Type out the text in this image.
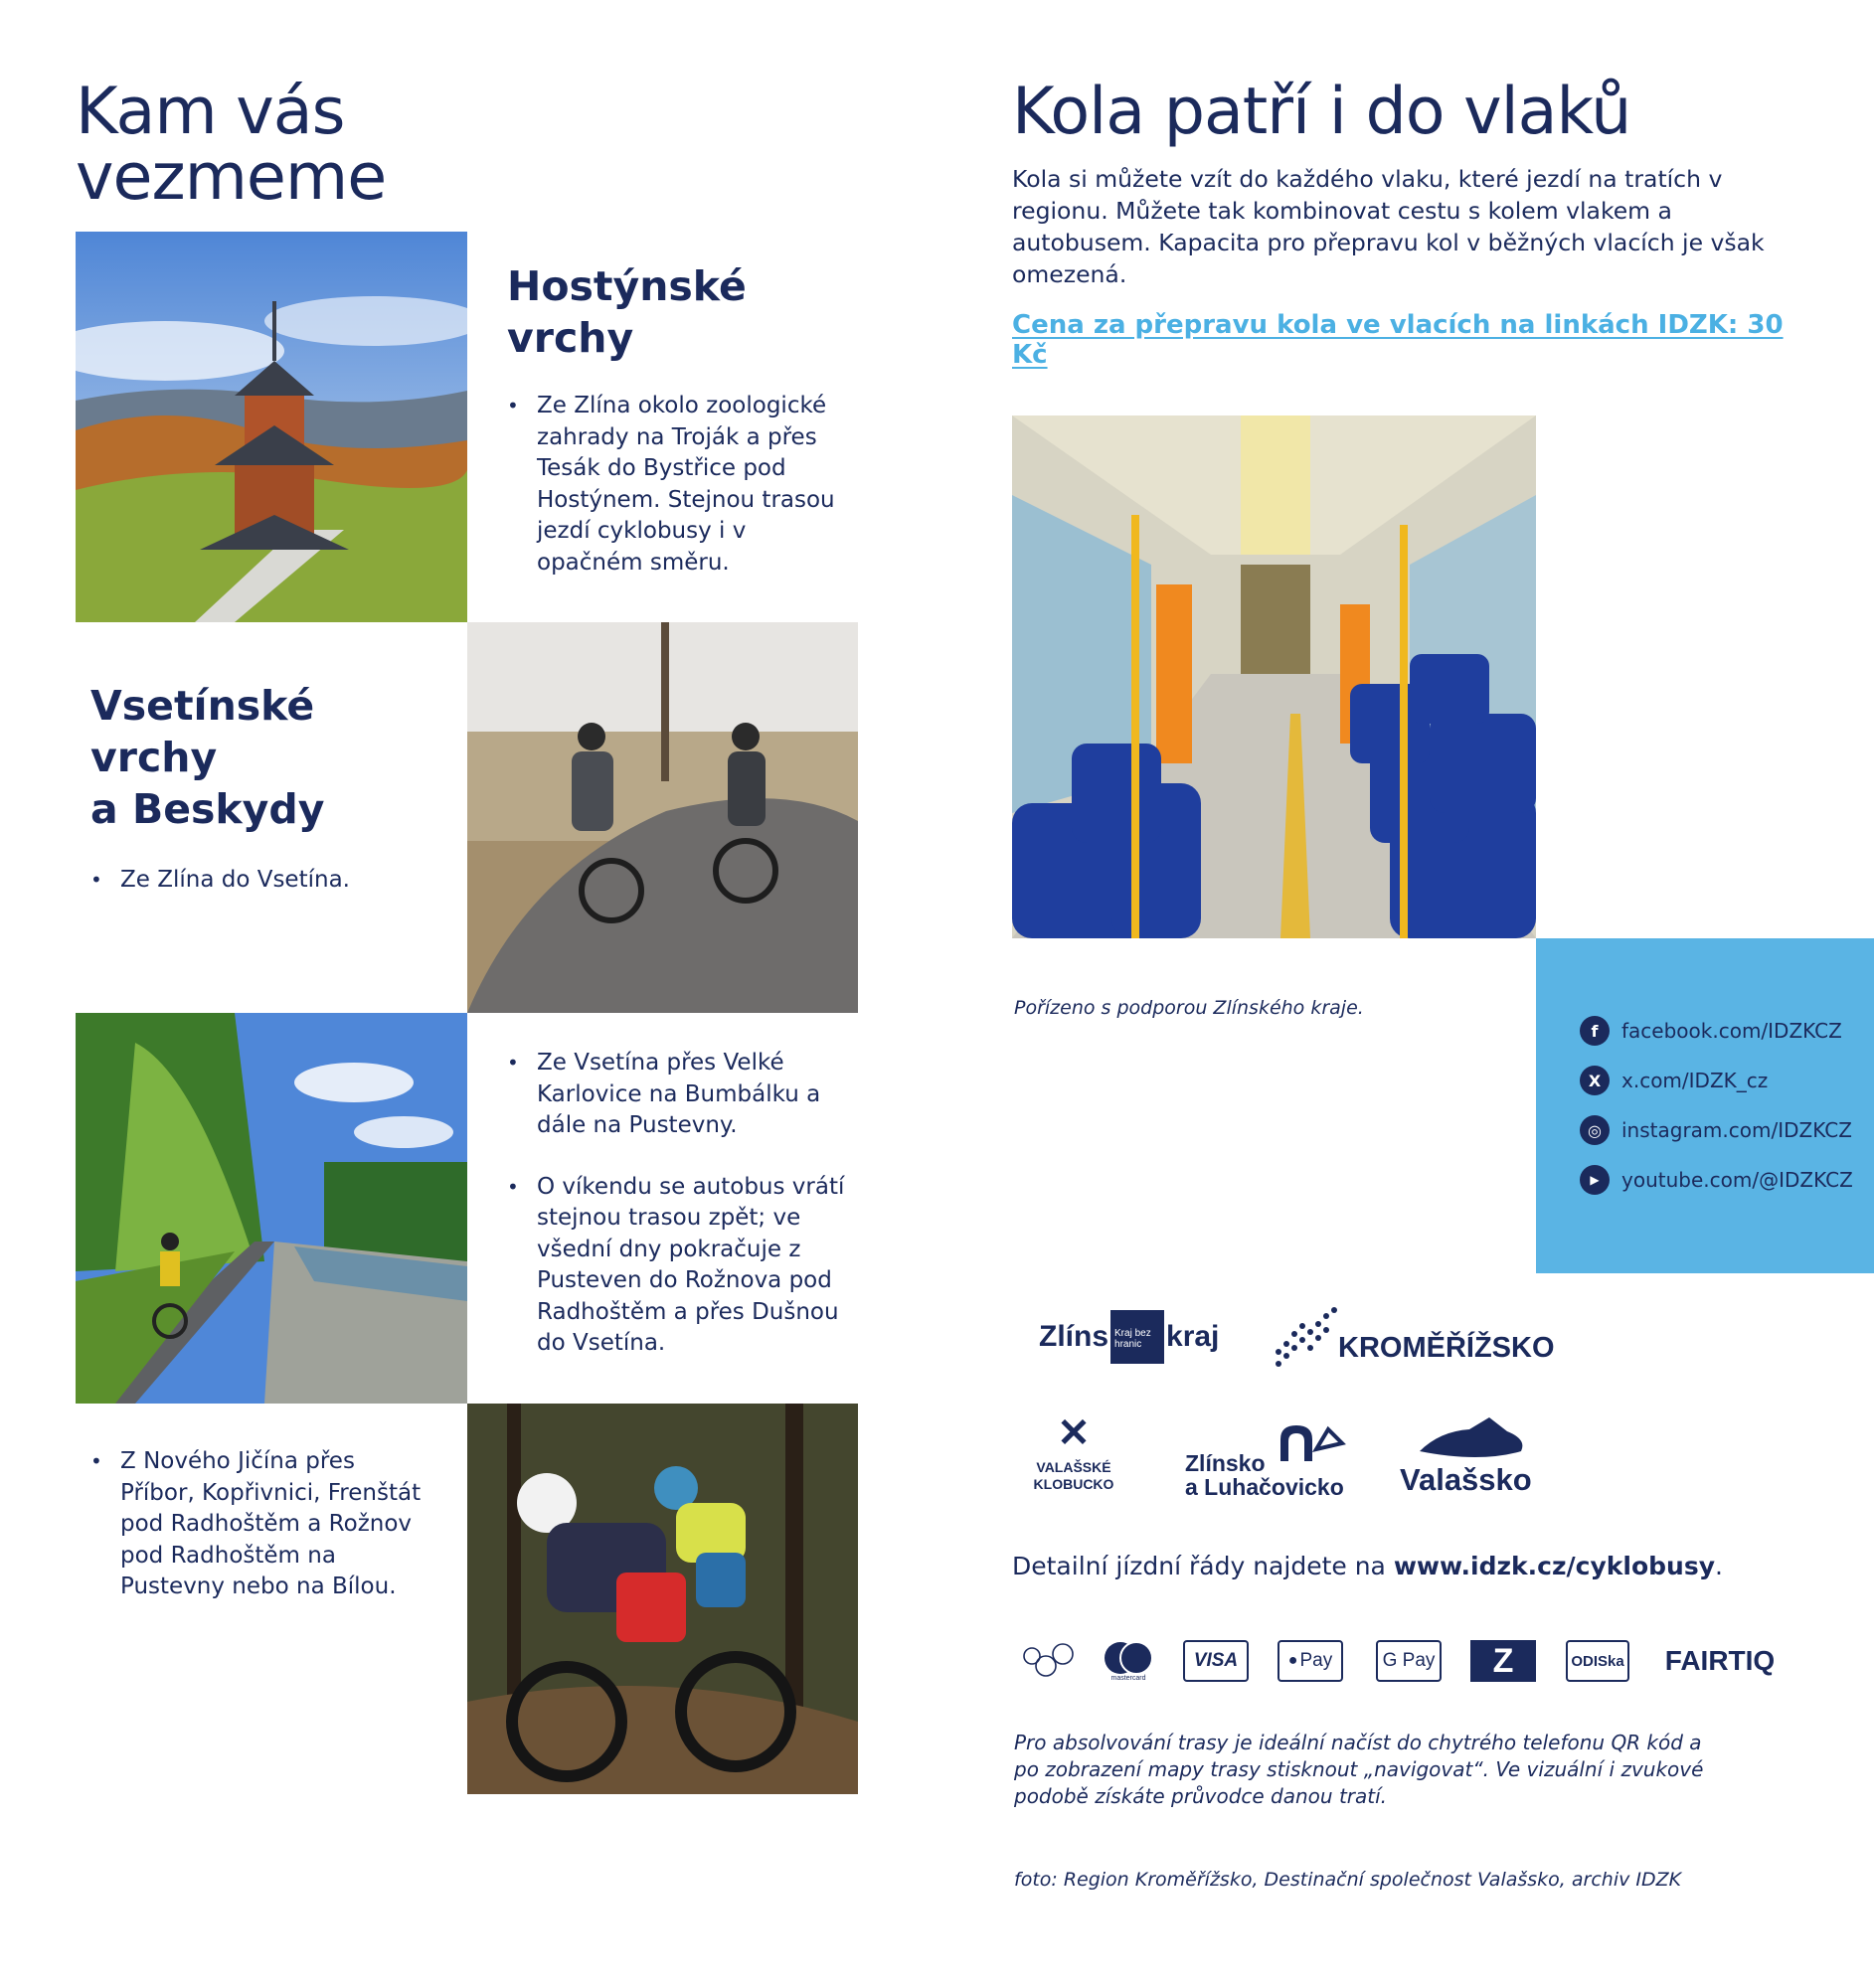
Kam vás
vezmeme
Hostýnské
vrchy
• Ze Zlína okolo zoologické zahrady na Troják a přes Tesák do Bystřice pod Hostýnem. Stejnou trasou jezdí cyklobusy i v opačném směru.
Vsetínské
vrchy
a Beskydy
• Ze Zlína do Vsetína.
• Ze Vsetína přes Velké Karlovice na Bumbálku a dále na Pustevny.
• O víkendu se autobus vrátí stejnou trasou zpět; ve všední dny pokračuje z Pusteven do Rožnova pod Radhoštěm a přes Dušnou do Vsetína.
• Z Nového Jičína přes Příbor, Kopřivnici, Frenštát pod Radhoštěm a Rožnov pod Radhoštěm na Pustevny nebo na Bílou.
Kola patří i do vlaků
Kola si můžete vzít do každého vlaku, které jezdí na tratích v regionu. Můžete tak kombinovat cestu s kolem vlakem a autobusem. Kapacita pro přepravu kol v běžných vlacích je však omezená.
Cena za přepravu kola ve vlacích na linkách IDZK: 30 Kč
Pořízeno s podporou Zlínského kraje.
f	facebook.com/IDZKCZ
X	x.com/IDZK_cz
◎	instagram.com/IDZKCZ
▶	youtube.com/@IDZKCZ
Zlíns Kraj bez hranic kraj	KROMĚŘÍŽSKO
✕
VALAŠSKÉ
KLOBUCKO
Zlínsko
a Luhačovicko	Valašsko
Detailní jízdní řády najdete na www.idzk.cz/cyklobusy.
mastercard
VISA	● Pay	G Pay	Z	ODISka	FAIRTIQ
Pro absolvování trasy je ideální načíst do chytrého telefonu QR kód a po zobrazení mapy trasy stisknout „navigovat“. Ve vizuální i zvukové podobě získáte průvodce danou tratí.
foto: Region Kroměřížsko, Destinační společnost Valašsko, archiv IDZK
